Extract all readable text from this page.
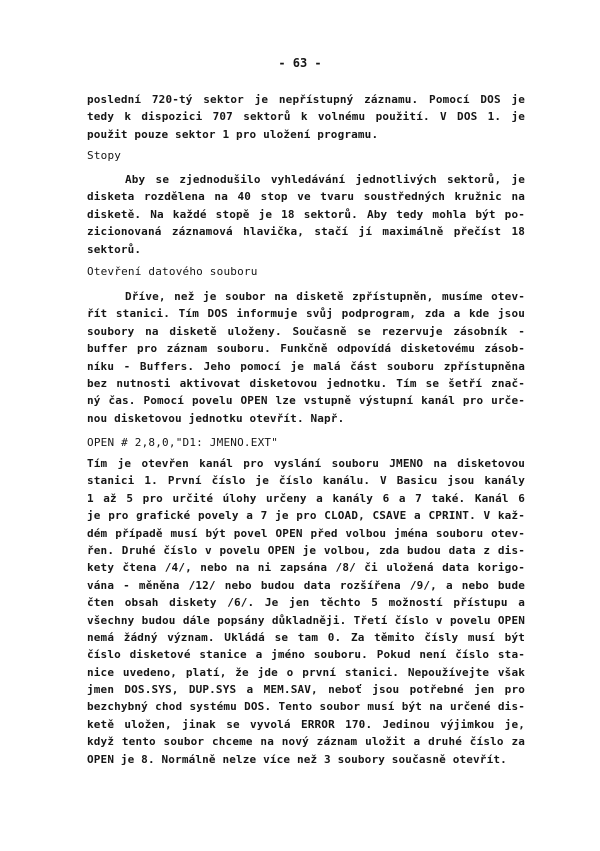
- 63 -
poslední 720-tý sektor je nepřístupný záznamu. Pomocí DOS je
tedy k dispozici 707 sektorů k volnému použití. V DOS 1. je
použit pouze sektor 1 pro uložení programu.
Stopy
Aby se zjednodušilo vyhledávání jednotlivých sektorů, je
disketa rozdělena na 40 stop ve tvaru soustředných kružnic na
disketě. Na každé stopě je 18 sektorů. Aby tedy mohla být po-
zicionovaná záznamová hlavička, stačí jí maximálně přečíst 18
sektorů.
Otevření datového souboru
Dříve, než je soubor na disketě zpřístupněn, musíme otev-
řít stanici. Tím DOS informuje svůj podprogram, zda a kde jsou
soubory na disketě uloženy. Současně se rezervuje zásobník -
buffer pro záznam souboru. Funkčně odpovídá disketovému zásob-
níku - Buffers. Jeho pomocí je malá část souboru zpřístupněna
bez nutnosti aktivovat disketovou jednotku. Tím se šetří znač-
ný čas. Pomocí povelu OPEN lze vstupně výstupní kanál pro urče-
nou disketovou jednotku otevřít. Např.
OPEN # 2,8,0,"D1: JMENO.EXT"
Tím je otevřen kanál pro vyslání souboru JMENO na disketovou
stanici 1. První číslo je číslo kanálu. V Basicu jsou kanály
1 až 5 pro určité úlohy určeny a kanály 6 a 7 také. Kanál 6
je pro grafické povely a 7 je pro CLOAD, CSAVE a CPRINT. V kaž-
dém případě musí být povel OPEN před volbou jména souboru otev-
řen. Druhé číslo v povelu OPEN je volbou, zda budou data z dis-
kety čtena /4/, nebo na ni zapsána /8/ či uložená data korigo-
vána - měněna /12/ nebo budou data rozšířena /9/, a nebo bude
čten obsah diskety /6/. Je jen těchto 5 možností přístupu a
všechny budou dále popsány důkladněji. Třetí číslo v povelu OPEN
nemá žádný význam. Ukládá se tam 0. Za těmito čísly musí být
číslo disketové stanice a jméno souboru. Pokud není číslo sta-
nice uvedeno, platí, že jde o první stanici. Nepoužívejte však
jmen DOS.SYS, DUP.SYS a MEM.SAV, neboť jsou potřebné jen pro
bezchybný chod systému DOS. Tento soubor musí být na určené dis-
ketě uložen, jinak se vyvolá ERROR 170. Jedinou výjimkou je,
když tento soubor chceme na nový záznam uložit a druhé číslo za
OPEN je 8. Normálně nelze více než 3 soubory současně otevřít.
